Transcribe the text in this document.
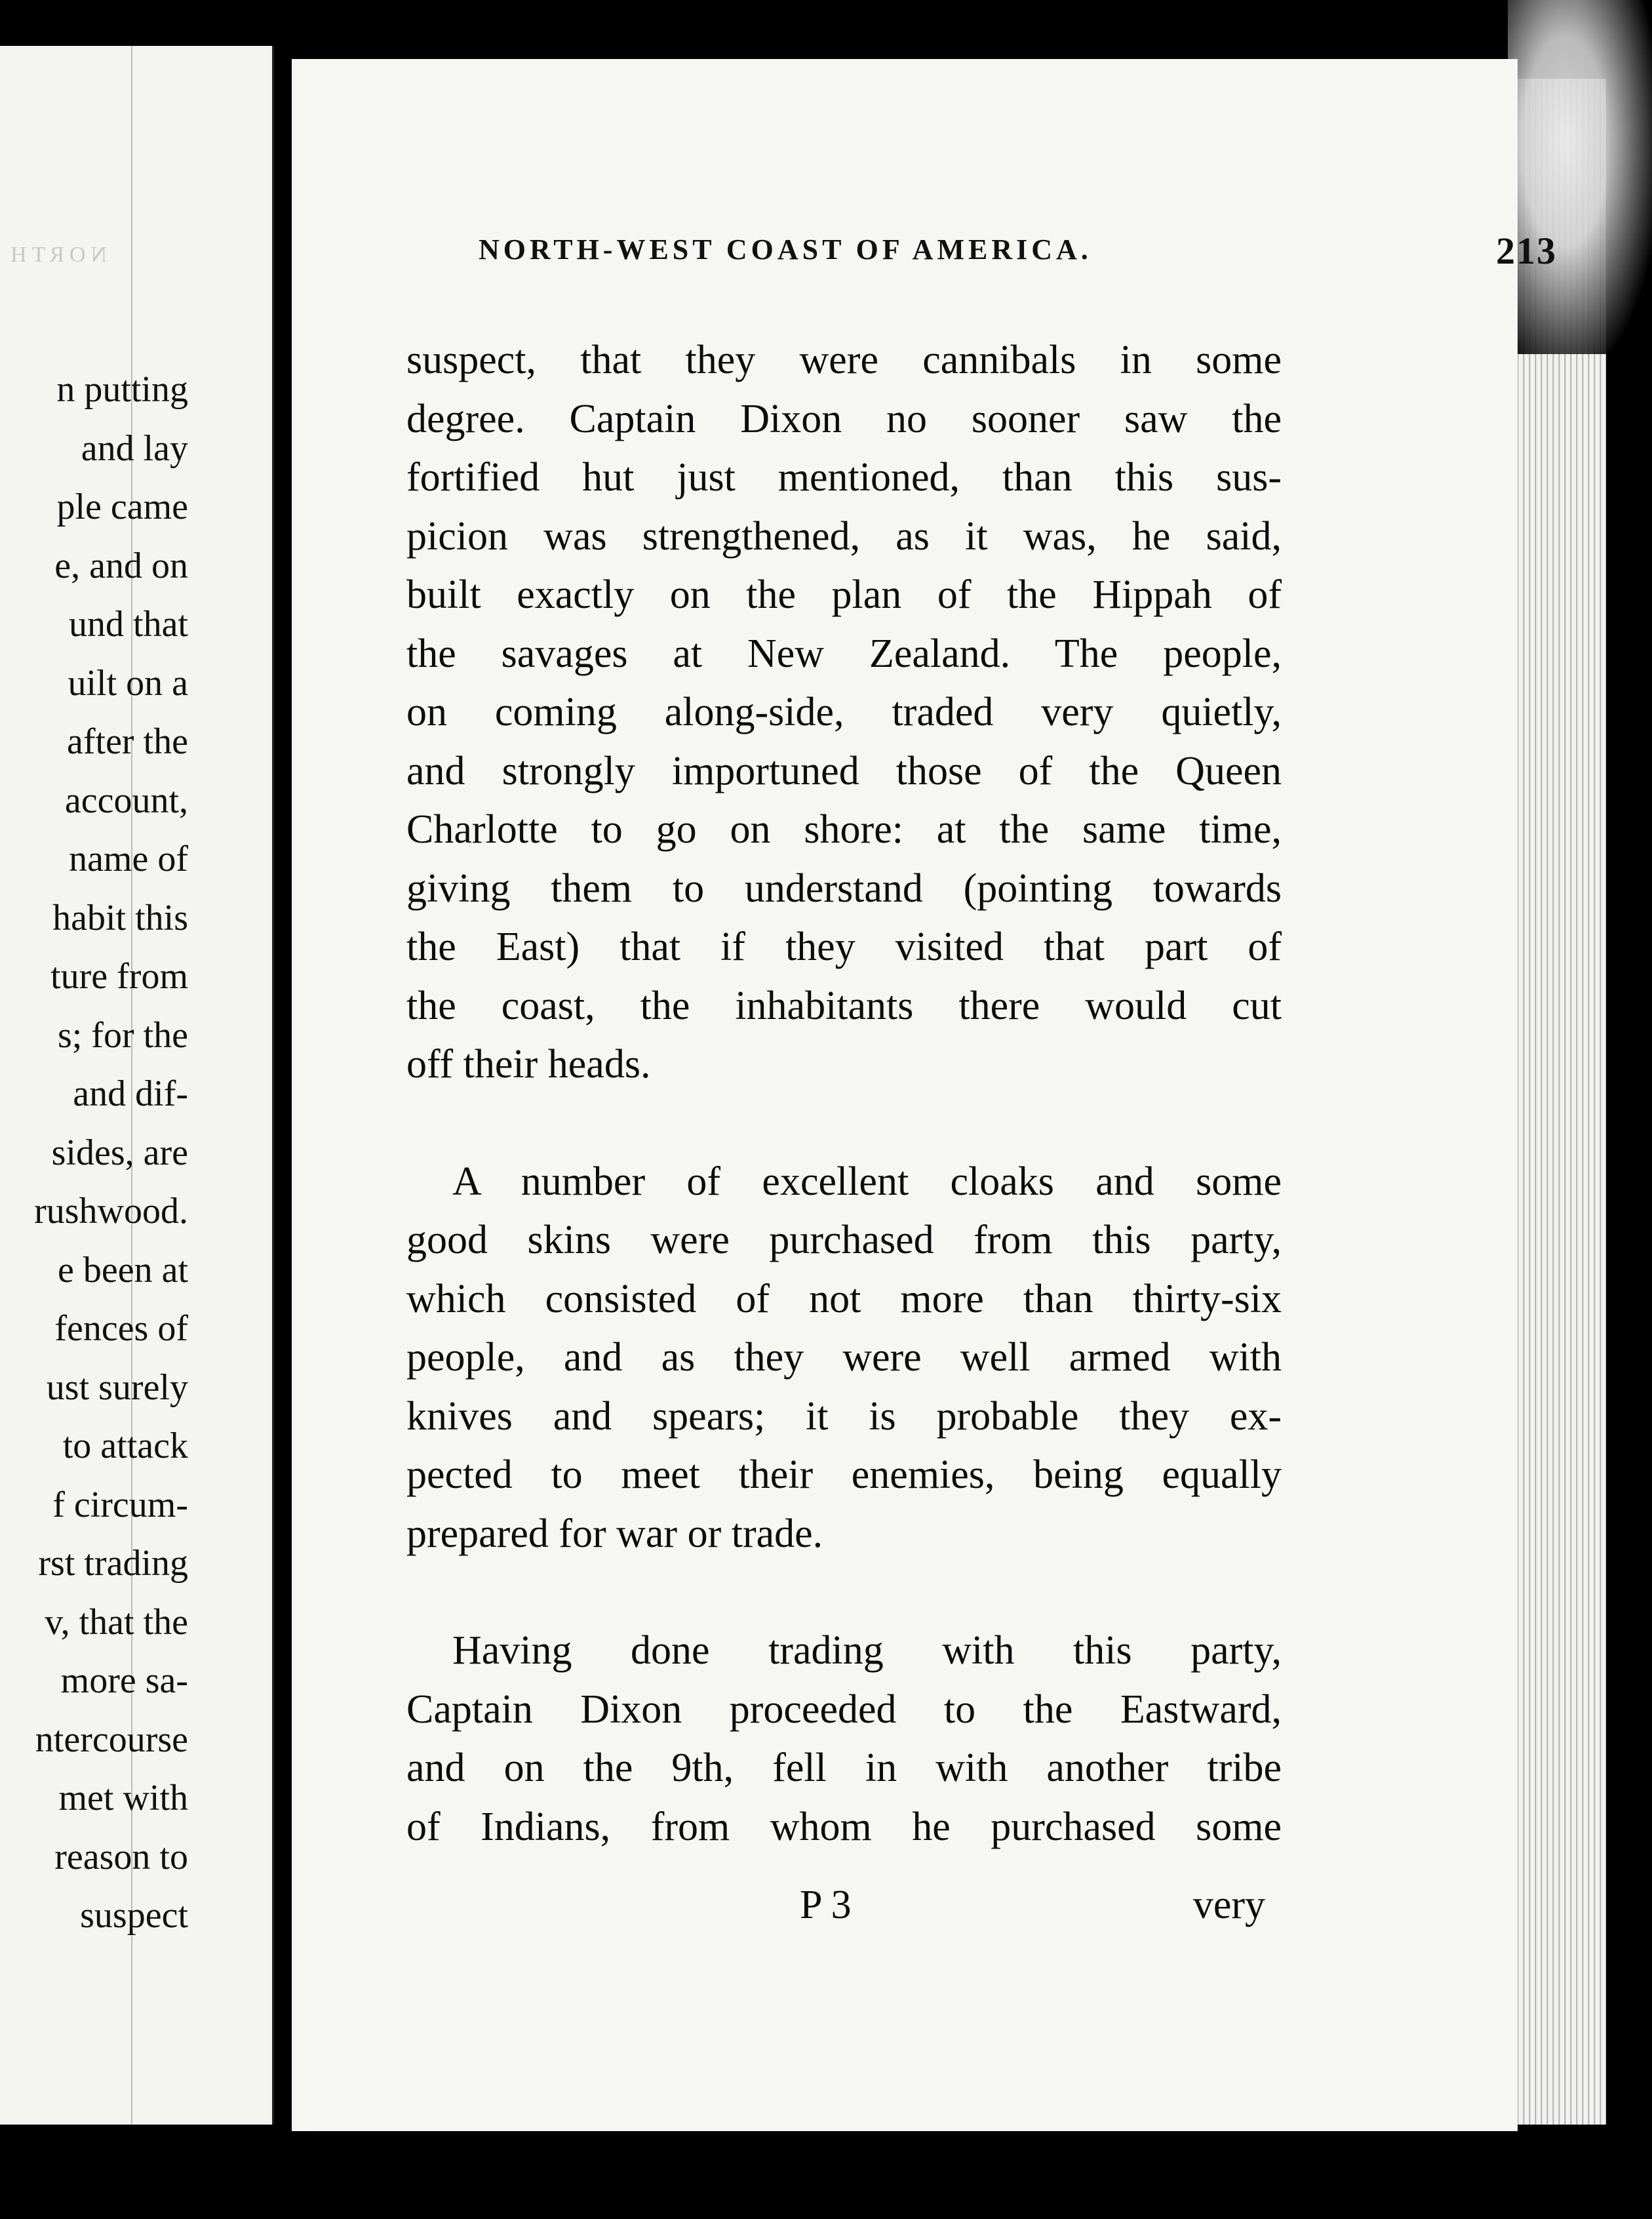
NORTH
n putting
and lay
ple came
e, and on
und that
uilt on a
after the
account,
name of
habit this
ture from
s; for the
and dif-
sides, are
rushwood.
e been at
fences of
ust surely
to attack
f circum-
rst trading
v, that the
more sa-
ntercourse
met with
reason to
suspect
NORTH-WEST COAST OF AMERICA.	213
suspect, that they were cannibals in some
degree. Captain Dixon no sooner saw the
fortified hut just mentioned, than this sus-
picion was strengthened, as it was, he said,
built exactly on the plan of the Hippah of
the savages at New Zealand. The people,
on coming along-side, traded very quietly,
and strongly importuned those of the Queen
Charlotte to go on shore: at the same time,
giving them to understand (pointing towards
the East) that if they visited that part of
the coast, the inhabitants there would cut
off their heads.
A number of excellent cloaks and some
good skins were purchased from this party,
which consisted of not more than thirty-six
people, and as they were well armed with
knives and spears; it is probable they ex-
pected to meet their enemies, being equally
prepared for war or trade.
Having done trading with this party,
Captain Dixon proceeded to the Eastward,
and on the 9th, fell in with another tribe
of Indians, from whom he purchased some
P 3	very
